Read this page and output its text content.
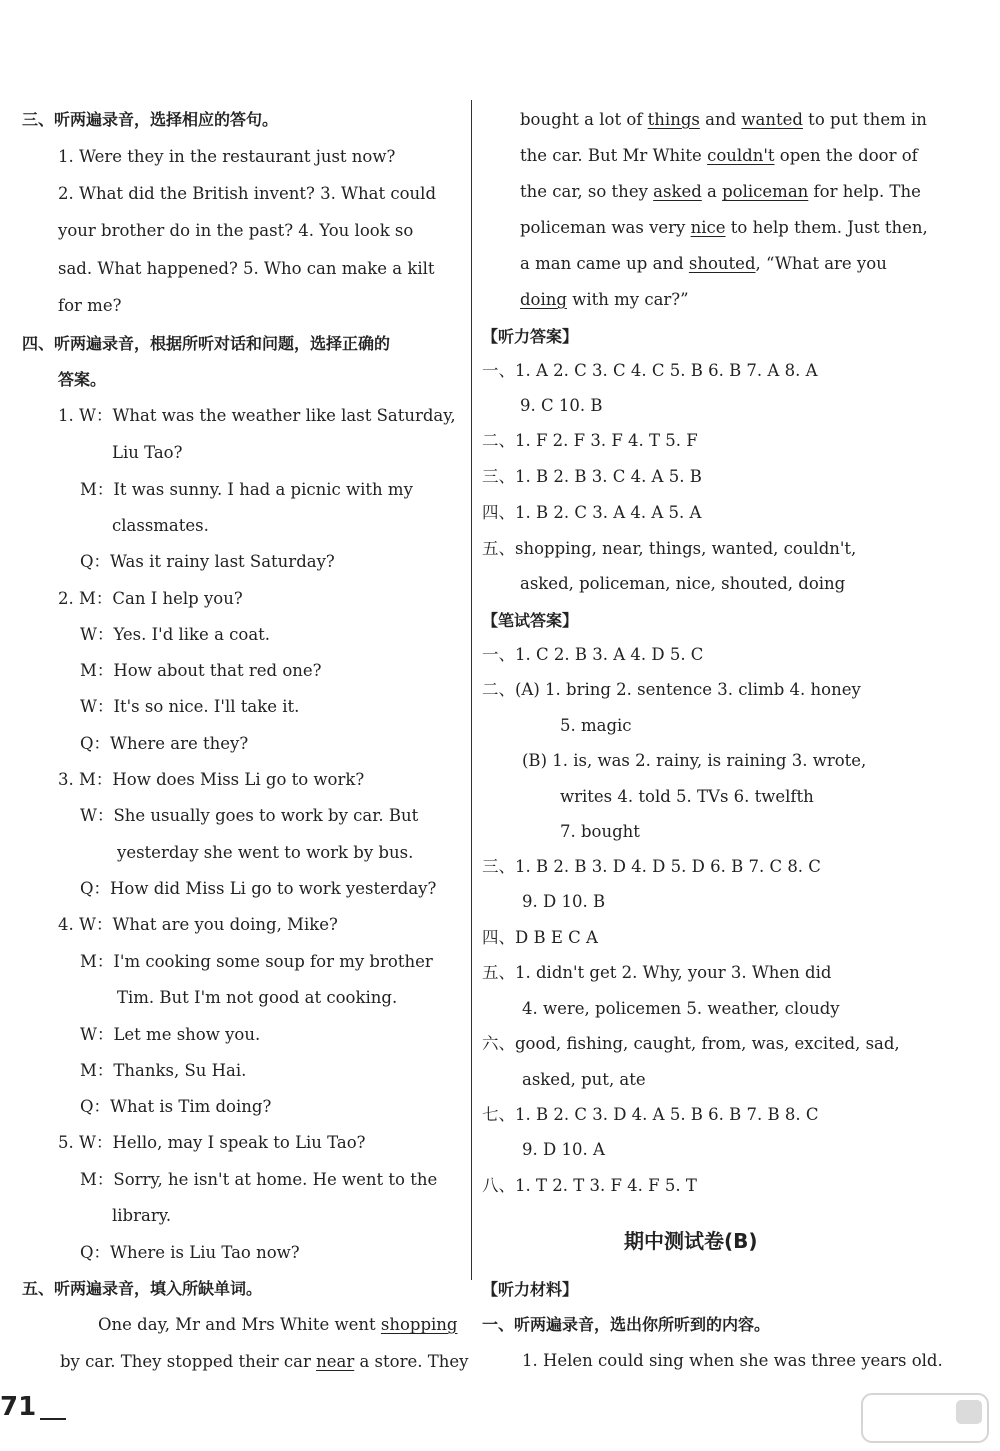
三、听两遍录音，选择相应的答句。
1. Were they in the restaurant just now?
2. What did the British invent? 3. What could
your brother do in the past? 4. You look so
sad. What happened? 5. Who can make a kilt
for me?
四、听两遍录音，根据所听对话和问题，选择正确的
答案。
1. W：What was the weather like last Saturday,
Liu Tao?
M：It was sunny. I had a picnic with my
classmates.
Q：Was it rainy last Saturday?
2. M：Can I help you?
W：Yes. I'd like a coat.
M：How about that red one?
W：It's so nice. I'll take it.
Q：Where are they?
3. M：How does Miss Li go to work?
W：She usually goes to work by car. But
yesterday she went to work by bus.
Q：How did Miss Li go to work yesterday?
4. W：What are you doing, Mike?
M：I'm cooking some soup for my brother
Tim. But I'm not good at cooking.
W：Let me show you.
M：Thanks, Su Hai.
Q：What is Tim doing?
5. W：Hello, may I speak to Liu Tao?
M：Sorry, he isn't at home. He went to the
library.
Q：Where is Liu Tao now?
五、听两遍录音，填入所缺单词。
One day, Mr and Mrs White went shopping
by car. They stopped their car near a store. They
bought a lot of things and wanted to put them in
the car. But Mr White couldn't open the door of
the car, so they asked a policeman for help. The
policeman was very nice to help them. Just then,
a man came up and shouted, “What are you
doing with my car?”
【听力答案】
一、1. A 2. C 3. C 4. C 5. B 6. B 7. A 8. A
9. C 10. B
二、1. F 2. F 3. F 4. T 5. F
三、1. B 2. B 3. C 4. A 5. B
四、1. B 2. C 3. A 4. A 5. A
五、shopping, near, things, wanted, couldn't,
asked, policeman, nice, shouted, doing
【笔试答案】
一、1. C 2. B 3. A 4. D 5. C
二、(A) 1. bring 2. sentence 3. climb 4. honey
5. magic
(B) 1. is, was 2. rainy, is raining 3. wrote,
writes 4. told 5. TVs 6. twelfth
7. bought
三、1. B 2. B 3. D 4. D 5. D 6. B 7. C 8. C
9. D 10. B
四、D B E C A
五、1. didn't get 2. Why, your 3. When did
4. were, policemen 5. weather, cloudy
六、good, fishing, caught, from, was, excited, sad,
asked, put, ate
七、1. B 2. C 3. D 4. A 5. B 6. B 7. B 8. C
9. D 10. A
八、1. T 2. T 3. F 4. F 5. T
期中测试卷(B)
【听力材料】
一、听两遍录音，选出你所听到的内容。
1. Helen could sing when she was three years old.
71
